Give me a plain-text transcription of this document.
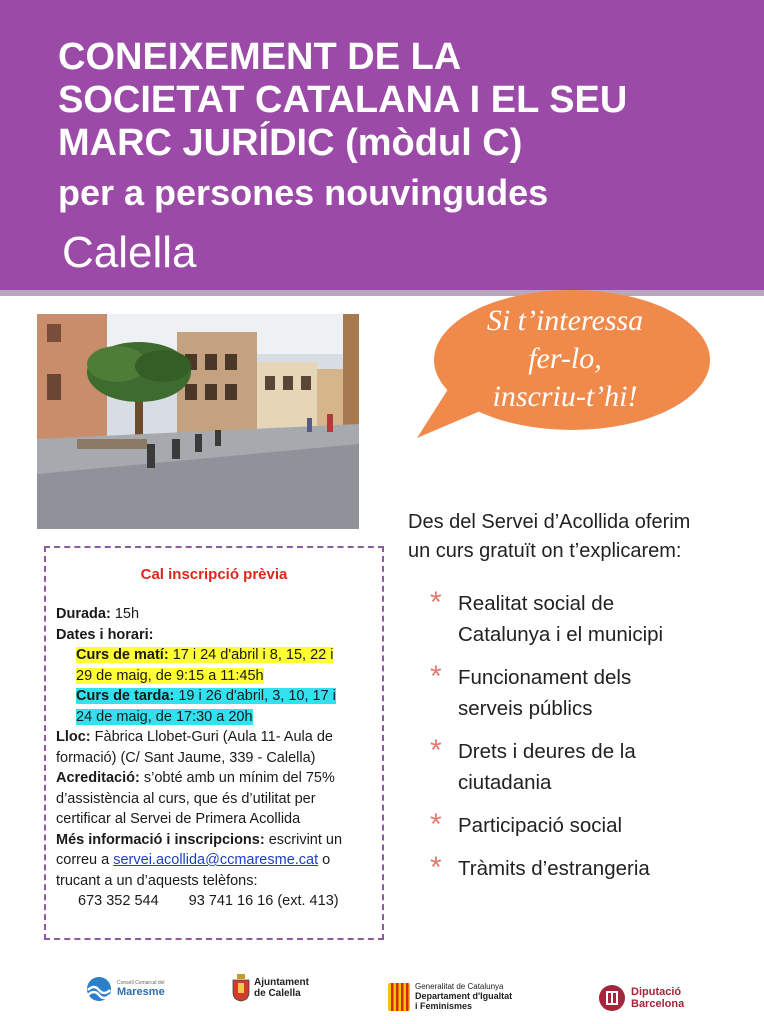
CONEIXEMENT DE LA
SOCIETAT CATALANA I EL SEU
MARC JURÍDIC (mòdul C)
per a persones nouvingudes
Calella
Si t’interessa
fer-lo,
inscriu-t’hi!
Des del Servei d’Acollida oferim
un curs gratuït on t’explicarem:
* Realitat social de
Catalunya i el municipi
* Funcionament dels
serveis públics
* Drets i deures de la
ciutadania
* Participació social
* Tràmits d’estrangeria
Cal inscripció prèvia
Durada: 15h
Dates i horari:
Curs de matí: 17 i 24 d'abril i 8, 15, 22 i
29 de maig, de 9:15 a 11:45h
Curs de tarda: 19 i 26 d'abril, 3, 10, 17 i
24 de maig, de 17:30 a 20h
Lloc: Fàbrica Llobet-Guri (Aula 11- Aula de
formació) (C/ Sant Jaume, 339 - Calella)
Acreditació: s’obté amb un mínim del 75%
d’assistència al curs, que és d’utilitat per
certificar al Servei de Primera Acollida
Més informació i inscripcions: escrivint un
correu a servei.acollida@ccmaresme.cat o
trucant a un d’aquests telèfons:
673 352 544 93 741 16 16 (ext. 413)
Consell Comarcal del
Maresme
Ajuntament
de Calella
Generalitat de Catalunya
Departament d'Igualtat
i Feminismes
Diputació
Barcelona
